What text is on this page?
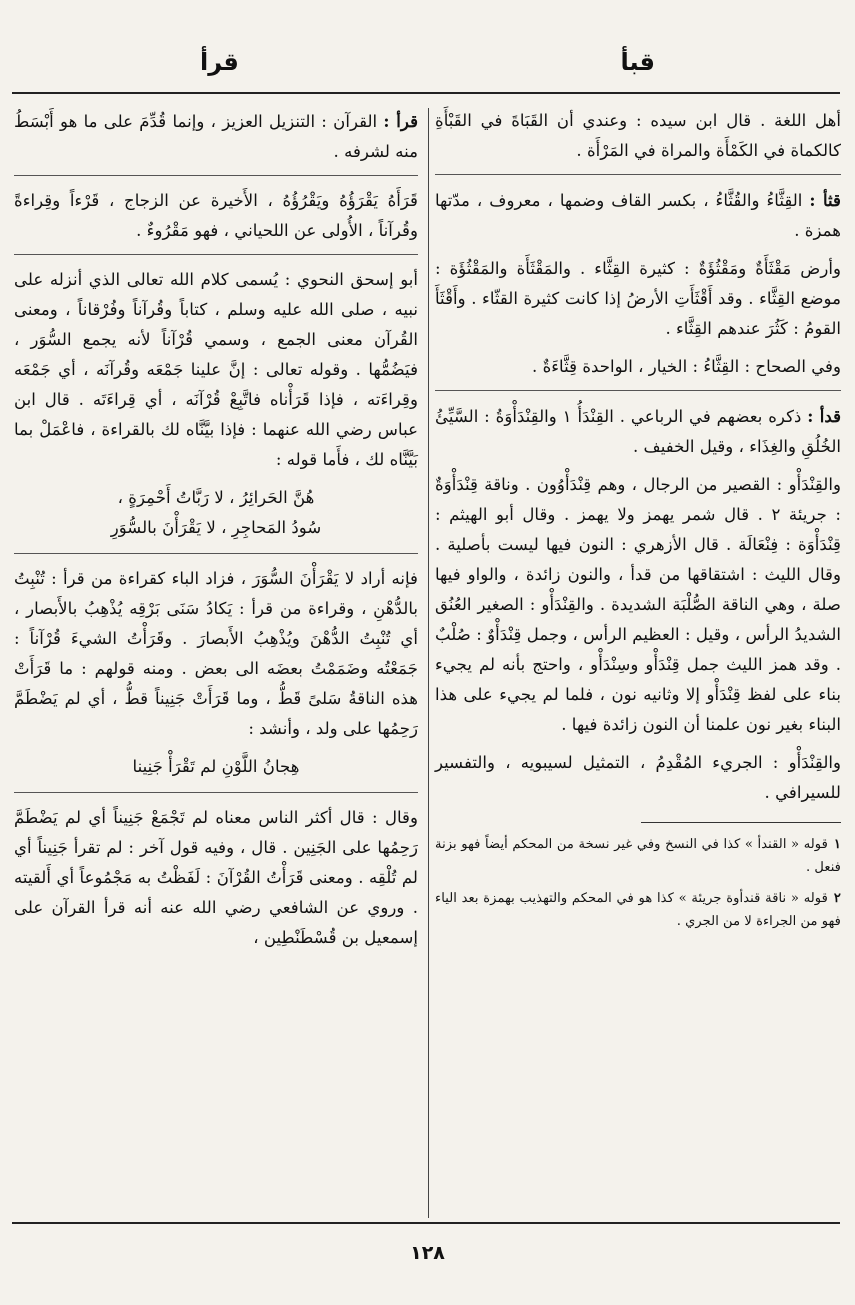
قبأ
قرأ

أهل اللغة . قال ابن سيده : وعندي أن القَبَاةَ في القَبْأَةِ كالكماة في الكَمْأَة والمراة في المَرْأَة .

قثأ : القِثَّاءُ والقُثَّاءُ ، بكسر القاف وضمها ، معروف ، مدّتها همزة .

وأرض مَقْثَأَةٌ ومَقْثُؤَةٌ : كثيرة القِثَّاء . والمَقْثَأَة والمَقْثُؤَة : موضع القِثَّاء . وقد أَقْثَأَتِ الأرضُ إذا كانت كثيرة القثّاء . وأَقْثَأَ القومُ : كَثُرَ عندهم القِثَّاء .

وفي الصحاح : القِثَّاءُ : الخيار ، الواحدة قِثَّاءَةٌ .

قدأ : ذكره بعضهم في الرباعي . القِنْدَأُ ١ والقِنْدَأْوَةُ : السَّيِّئُ الخُلُقِ والغِذَاء ، وقيل الخفيف .

والقِنْدَأْو : القصير من الرجال ، وهم قِنْدَأْوُون . وناقة قِنْدَأْوَةٌ : جريئة ٢ . قال شمر يهمز ولا يهمز . وقال أبو الهيثم : قِنْدَأْوَة : فِنْعَالَة . قال الأزهري : النون فيها ليست بأصلية . وقال الليث : اشتقاقها من قدأ ، والنون زائدة ، والواو فيها صلة ، وهي الناقة الصُّلْبَة الشديدة . والقِنْدَأْو : الصغير العُنُق الشديدُ الرأس ، وقيل : العظيم الرأس ، وجمل قِنْدَأْوٌ : صُلْبٌ . وقد همز الليث جمل قِنْدَأْو وسِنْدَأْو ، واحتج بأنه لم يجيء بناء على لفظ قِنْدَأْو إلا وثانيه نون ، فلما لم يجيء على هذا البناء بغير نون علمنا أن النون زائدة فيها .

والقِنْدَأْو : الجريء المُقْدِمُ ، التمثيل لسيبويه ، والتفسير للسيرافي .

١قوله « القندأ » كذا في النسخ وفي غير نسخة من المحكم أيضاً فهو بزنة فنعل .

٢قوله « ناقة قندأوة جريئة » كذا هو في المحكم والتهذيب بهمزة بعد الياء فهو من الجراءة لا من الجري .

قرأ : القرآن : التنزيل العزيز ، وإنما قُدِّمَ على ما هو أَبْسَطُ منه لشرفه .

قَرَأَهُ يَقْرَؤُهُ ويَقْرُؤُهُ ، الأَخيرة عن الزجاج ، قَرْءاً وقِراءةً وقُرآناً ، الأُولى عن اللحياني ، فهو مَقْرُوءٌ .

أبو إسحق النحوي : يُسمى كلام الله تعالى الذي أنزله على نبيه ، صلى الله عليه وسلم ، كتاباً وقُرآناً وفُرْقاناً ، ومعنى القُرآن معنى الجمع ، وسمي قُرْآناً لأنه يجمع السُّوَر ، فيَضُمُّها . وقوله تعالى : إنَّ علينا جَمْعَه وقُرآنَه ، أي جَمْعَه وقِراءَته ، فإذا قَرَأْناه فاتَّبِعْ قُرْآنَه ، أي قِراءَتَه . قال ابن عباس رضي الله عنهما : فإذا بيَّنَّاه لك بالقراءة ، فاعْمَلْ بما بَيَّنَّاه لك ، فأَما قوله :

هُنَّ الحَرائِرُ ، لا رَبَّاتُ أَحْمِرَةٍ ،
سُودُ المَحاجِرِ ، لا يَقْرَأْنَ بالسُّوَرِ

فإنه أراد لا يَقْرَأْنَ السُّوَرَ ، فزاد الباء كقراءة من قرأ : تُنْبِتُ بالدُّهْنِ ، وقراءة من قرأ : يَكادُ سَنَى بَرْقِه يُذْهِبُ بالأَبصار ، أي تُنْبِتُ الدُّهْنَ ويُذْهِبُ الأَبصارَ . وقَرَأْتُ الشيءَ قُرْآناً : جَمَعْتُه وضَمَمْتُ بعضَه الى بعض . ومنه قولهم : ما قَرَأَتْ هذه الناقةُ سَلىً قَطُّ ، وما قَرَأَتْ جَنِيناً قطُّ ، أي لم يَضْطَمَّ رَحِمُها على ولد ، وأنشد :

هِجانُ اللَّوْنِ لم تَقْرَأْ جَنِينا

وقال : قال أكثر الناس معناه لم تَجْمَعْ جَنِيناً أي لم يَضْطَمَّ رَحِمُها على الجَنِين . قال ، وفيه قول آخر : لم تقرأ جَنِيناً أي لم تُلْقِه . ومعنى قَرَأْتُ القُرْآنَ : لَفَظْتُ به مَجْمُوعاً أي أَلقيته . وروي عن الشافعي رضي الله عنه أنه قرأ القرآن على إسمعيل بن قُسْطَنْطِين ،

١٢٨
